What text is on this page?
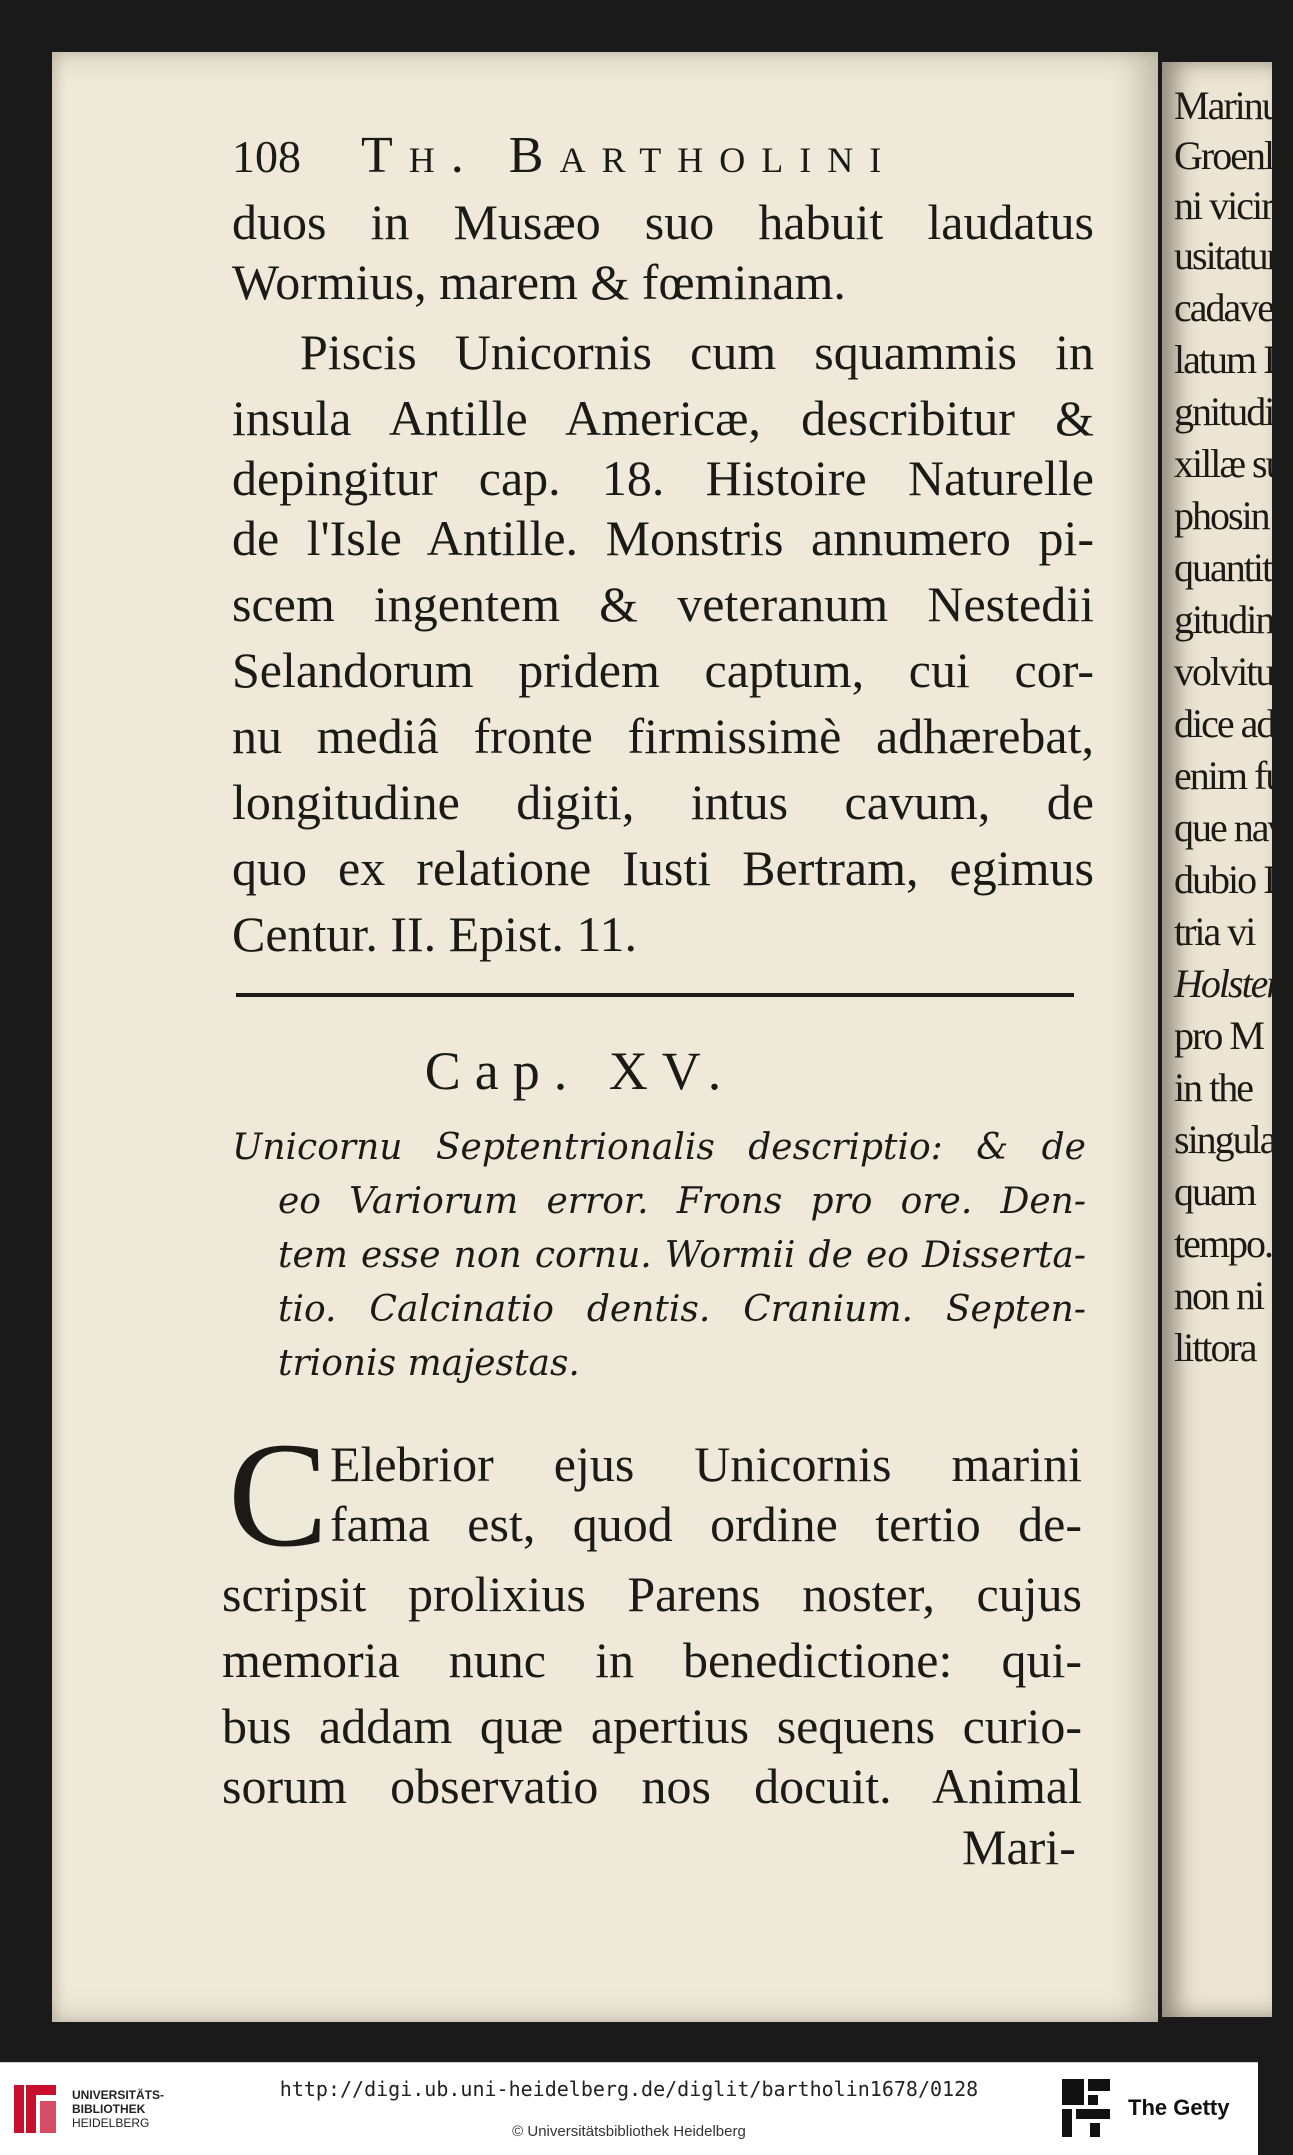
Marinu
Groenla
ni vicir
usitatun
cadaveri
latum I
gnitudir
xillæ su
phosin i
quantit
gitudin
volvitu
dice ad
enim fu
que nav
dubio I
tria vi
Holsten
pro M
in the
singula
quam
tempo.
non ni
littora
108 Th. Bartholini
duos in Musæo suo habuit laudatus
Wormius, marem & fœminam.
Piscis Unicornis cum squammis in
insula Antille Americæ, describitur &
depingitur cap. 18. Histoire Naturelle
de l'Isle Antille. Monstris annumero pi-
scem ingentem & veteranum Nestedii
Selandorum pridem captum, cui cor-
nu mediâ fronte firmissimè adhærebat,
longitudine digiti, intus cavum, de
quo ex relatione Iusti Bertram, egimus
Centur. II. Epist. 11.
Cap. XV.
Unicornu Septentrionalis descriptio: & de
eo Variorum error. Frons pro ore. Den-
tem esse non cornu. Wormii de eo Disserta-
tio. Calcinatio dentis. Cranium. Septen-
trionis majestas.
C Elebrior ejus Unicornis marini
fama est, quod ordine tertio de-
scripsit prolixius Parens noster, cujus
memoria nunc in benedictione: qui-
bus addam quæ apertius sequens curio-
sorum observatio nos docuit. Animal
Mari-
UNIVERSITÄTS-
BIBLIOTHEK
HEIDELBERG
http://digi.ub.uni-heidelberg.de/diglit/bartholin1678/0128
© Universitätsbibliothek Heidelberg
The Getty
